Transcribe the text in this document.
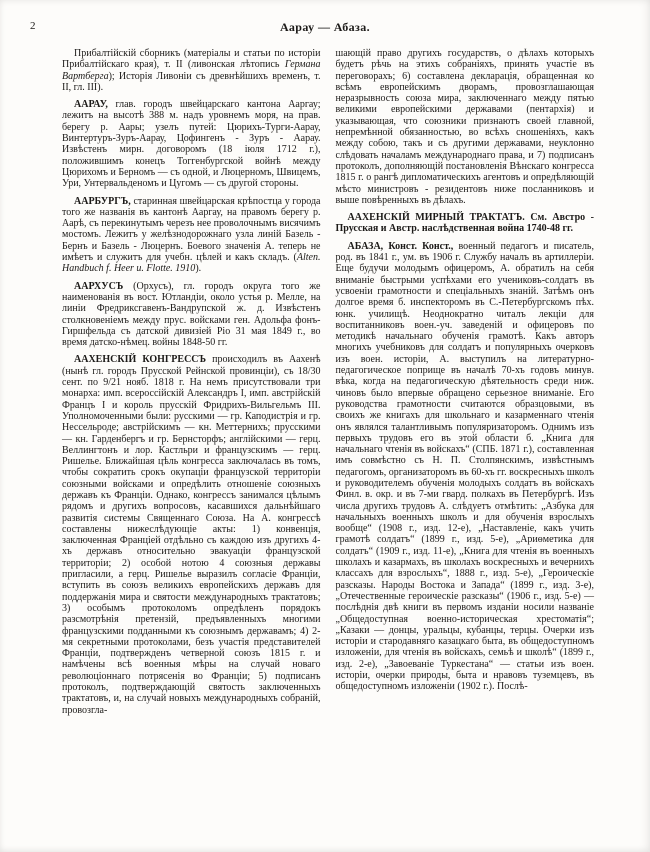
2	Аарау — Абаза.

Прибалтійскій сборникъ (матеріалы и статьи по исторіи Прибалтійскаго края), т. II (ливонская лѣтопись Германа Вартберга); Исторія Ливоніи съ древнѣйшихъ временъ, т. II, гл. III).

ААРАУ, глав. городъ швейцарскаго кантона Ааргау; лежитъ на высотѣ 388 м. надъ уровнемъ моря, на прав. берегу р. Аары; узелъ путей: Цюрихъ-Турги-Аарау, Винтертуръ-Зуръ-Аарау, Цофингенъ - Зуръ - Аарау. Извѣстенъ мирн. договоромъ (18 іюля 1712 г.), положившимъ конецъ Тоггенбургской войнѣ между Цюрихомъ и Берномъ — съ одной, и Люцерномъ, Швицемъ, Ури, Унтервальденомъ и Цугомъ — съ другой стороны.

ААРБУРГЪ, старинная швейцарская крѣпостца у города того же названія въ кантонѣ Ааргау, на правомъ берегу р. Аарѣ, съ перекинутымъ черезъ нее проволочнымъ висячимъ мостомъ. Лежитъ у желѣзнодорожнаго узла линій Базель - Бернъ и Базель - Люцернъ. Боевого значенія А. теперь не имѣетъ и служитъ для учебн. цѣлей и какъ складъ. (Alten. Handbuch f. Heer u. Flotte. 1910).

ААРХУСЪ (Орхусъ), гл. городъ округа того же наименованія въ вост. Ютландіи, около устья р. Мелле, на линіи Фредриксгавенъ-Вандрупской ж. д. Извѣстенъ столкновеніемъ между прус. войсками ген. Адольфа фонъ-Гиршфельда съ датской дивизіей Ріо 31 мая 1849 г., во время датско-нѣмец. войны 1848-50 гг.

ААХЕНСКІЙ КОНГРЕССЪ происходилъ въ Аахенѣ (нынѣ гл. городъ Прусской Рейнской провинціи), съ 18/30 сент. по 9/21 нояб. 1818 г. На немъ присутствовали три монарха: имп. всероссійскій Александръ I, имп. австрійскій Францъ I и король прусскій Фридрихъ-Вильгельмъ III. Уполномоченными были: русскими — гр. Каподистрія и гр. Нессельроде; австрійскимъ — кн. Меттернихъ; прусскими — кн. Гарденбергъ и гр. Бернсторфъ; англійскими — герц. Веллингтонъ и лор. Кастльри и французскимъ — герц. Ришелье. Ближайшая цѣль конгресса заключалась въ томъ, чтобы сократить срокъ окупаціи французской территоріи союзными войсками и опредѣлить отношеніе союзныхъ державъ къ Франціи. Однако, конгрессъ занимался цѣлымъ рядомъ и другихъ вопросовъ, касавшихся дальнѣйшаго развитія системы Священнаго Союза. На А. конгрессѣ составлены нижеслѣдующіе акты: 1) конвенція, заключенная Франціей отдѣльно съ каждою изъ другихъ 4-хъ державъ относительно эвакуаціи французской территоріи; 2) особой нотою 4 союзныя державы пригласили, а герц. Ришелье выразилъ согласіе Франціи, вступить въ союзъ великихъ европейскихъ державъ для поддержанія мира и святости международныхъ трактатовъ; 3) особымъ протоколомъ опредѣленъ порядокъ разсмотрѣнія претензій, предъявленныхъ многими французскими подданными къ союзнымъ державамъ; 4) 2-мя секретными протоколами, безъ участія представителей Франціи, подтвержденъ четверной союзъ 1815 г. и намѣчены всѣ военныя мѣры на случай новаго революціоннаго потрясенія во Франціи; 5) подписанъ протоколъ, подтверждающій святость заключенныхъ трактатовъ, и, на случай новыхъ международныхъ собраній, провозгла-

шающій право другихъ государствъ, о дѣлахъ которыхъ будетъ рѣчь на этихъ собраніяхъ, принять участіе въ переговорахъ; 6) составлена декларація, обращенная ко всѣмъ европейскимъ дворамъ, провозглашающая неразрывность союза мира, заключеннаго между пятью великими европейскими державами (пентархія) и указывающая, что союзники признаютъ своей главной, непремѣнной обязанностью, во всѣхъ сношеніяхъ, какъ между собою, такъ и съ другими державами, неуклонно слѣдовать началамъ международнаго права, и 7) подписанъ протоколъ, дополняющій постановленія Вѣнскаго конгресса 1815 г. о рангѣ дипломатическихъ агентовъ и опредѣляющій мѣсто министровъ - резидентовъ ниже посланниковъ и выше повѣренныхъ въ дѣлахъ.

ААХЕНСКІЙ МИРНЫЙ ТРАКТАТЪ. См. Австро - Прусская и Австр. наслѣдственная война 1740-48 гг.

АБАЗА, Конст. Конст., военный педагогъ и писатель, род. въ 1841 г., ум. въ 1906 г. Службу началъ въ артиллеріи. Еще будучи молодымъ офицеромъ, А. обратилъ на себя вниманіе быстрыми успѣхами его учениковъ-солдатъ въ усвоеніи грамотности и спеціальныхъ знаній. Затѣмъ онъ долгое время б. инспекторомъ въ С.-Петербургскомъ пѣх. юнк. училищѣ. Неоднократно читалъ лекціи для воспитанниковъ воен.-уч. заведеній и офицеровъ по методикѣ начальнаго обученія грамотѣ. Какъ авторъ многихъ учебниковъ для солдатъ и популярныхъ очерковъ изъ воен. исторіи, А. выступилъ на литературно-педагогическое поприще въ началѣ 70-хъ годовъ минув. вѣка, когда на педагогическую дѣятельность среди ниж. чиновъ было впервые обращено серьезное вниманіе. Его руководства грамотности считаются образцовыми, въ своихъ же книгахъ для школьнаго и казарменнаго чтенія онъ являлся талантливымъ популяризаторомъ. Однимъ изъ первыхъ трудовъ его въ этой области б. „Книга для начальнаго чтенія въ войскахъ“ (СПБ. 1871 г.), составленная имъ совмѣстно съ Н. П. Столпянскимъ, извѣстнымъ педагогомъ, организаторомъ въ 60-хъ гг. воскресныхъ школъ и руководителемъ обученія молодыхъ солдатъ въ войскахъ Финл. в. окр. и въ 7-ми гвард. полкахъ въ Петербургѣ. Изъ числа другихъ трудовъ А. слѣдуетъ отмѣтить: „Азбука для начальныхъ военныхъ школъ и для обученія взрослыхъ вообще“ (1908 г., изд. 12-е), „Наставленіе, какъ учить грамотѣ солдатъ“ (1899 г., изд. 5-е), „Ариѳметика для солдатъ“ (1909 г., изд. 11-е), „Книга для чтенія въ военныхъ школахъ и казармахъ, въ школахъ воскресныхъ и вечернихъ классахъ для взрослыхъ“, 1888 г., изд. 5-е), „Героическіе разсказы. Народы Востока и Запада“ (1899 г., изд. 3-е), „Отечественные героическіе разсказы“ (1906 г., изд. 5-е) — послѣднія двѣ книги въ первомъ изданіи носили названіе „Общедоступная военно-историческая хрестоматія“; „Казаки — донцы, уральцы, кубанцы, терцы. Очерки изъ исторіи и стародавняго казацкаго быта, въ общедоступномъ изложеніи, для чтенія въ войскахъ, семьѣ и школѣ“ (1899 г., изд. 2-е), „Завоеваніе Туркестана“ — статьи изъ воен. исторіи, очерки природы, быта и нравовъ туземцевъ, въ общедоступномъ изложеніи (1902 г.). Послѣ-
